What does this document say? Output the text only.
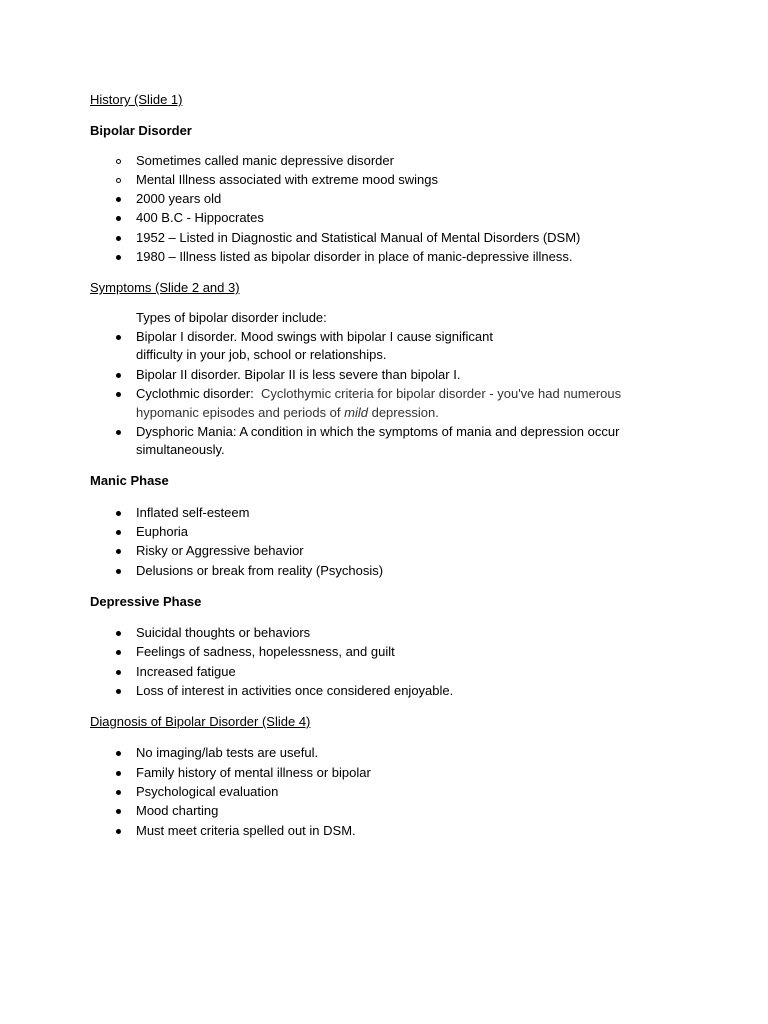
History (Slide 1)
Bipolar Disorder
Sometimes called manic depressive disorder
Mental Illness associated with extreme mood swings
2000 years old
400 B.C - Hippocrates
1952 – Listed in Diagnostic and Statistical Manual of Mental Disorders (DSM)
1980 – Illness listed as bipolar disorder in place of manic-depressive illness.
Symptoms (Slide 2 and 3)
Types of bipolar disorder include:
Bipolar I disorder. Mood swings with bipolar I cause significant
difficulty in your job, school or relationships.
Bipolar II disorder. Bipolar II is less severe than bipolar I.
Cyclothmic disorder: Cyclothymic criteria for bipolar disorder - you've had numerous
hypomanic episodes and periods of mild depression.
Dysphoric Mania: A condition in which the symptoms of mania and depression occur
simultaneously.
Manic Phase
Inflated self-esteem
Euphoria
Risky or Aggressive behavior
Delusions or break from reality (Psychosis)
Depressive Phase
Suicidal thoughts or behaviors
Feelings of sadness, hopelessness, and guilt
Increased fatigue
Loss of interest in activities once considered enjoyable.
Diagnosis of Bipolar Disorder (Slide 4)
No imaging/lab tests are useful.
Family history of mental illness or bipolar
Psychological evaluation
Mood charting
Must meet criteria spelled out in DSM.
